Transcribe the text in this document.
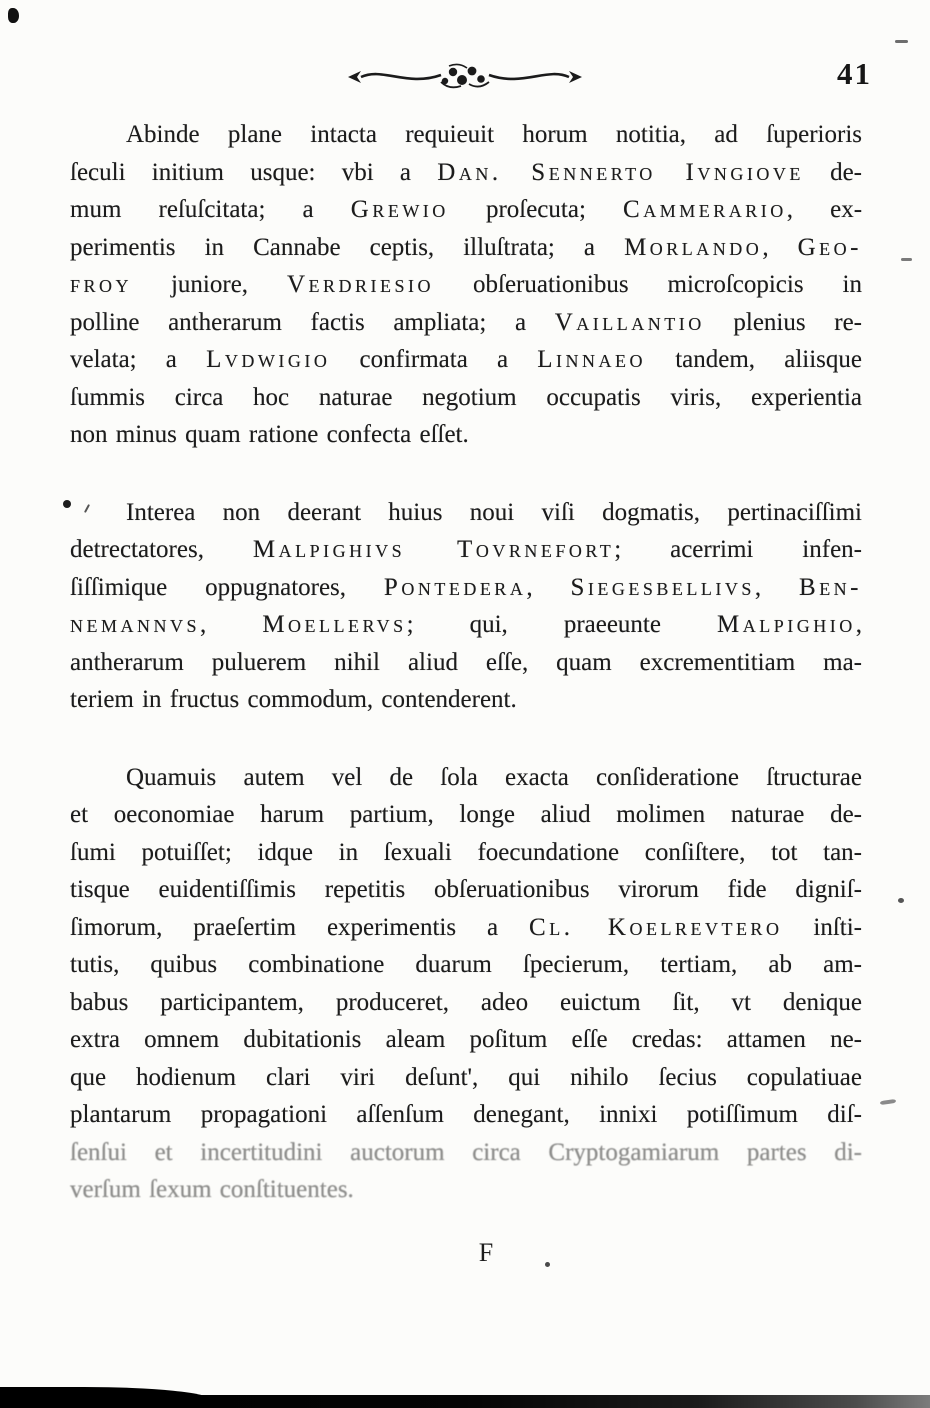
41
Abinde plane intacta requieuit horum notitia, ad ſuperioris
ſeculi initium usque: vbi a Dan. Sennerto Ivngiove de-
mum reſuſcitata; a Grewio proſecuta; Cammerario, ex-
perimentis in Cannabe ceptis, illuſtrata; a Morlando, Geo-
froy juniore, Verdriesio obſeruationibus microſcopicis in
polline antherarum factis ampliata; a Vaillantio plenius re-
velata; a Lvdwigio confirmata a Linnaeo tandem, aliisque
ſummis circa hoc naturae negotium occupatis viris, experientia
non minus quam ratione confecta eſſet.
Interea non deerant huius noui viſi dogmatis, pertinaciſſimi
detrectatores, Malpighivs Tovrnefort; acerrimi infen-
ſiſſimique oppugnatores, Pontedera, Siegesbellivs, Ben-
nemannvs, Moellervs; qui, praeeunte Malpighio,
antherarum puluerem nihil aliud eſſe, quam excrementitiam ma-
teriem in fructus commodum, contenderent.
Quamuis autem vel de ſola exacta conſideratione ſtructurae
et oeconomiae harum partium, longe aliud molimen naturae de-
ſumi potuiſſet; idque in ſexuali foecundatione conſiſtere, tot tan-
tisque euidentiſſimis repetitis obſeruationibus virorum fide digniſ-
ſimorum, praeſertim experimentis a Cl. Koelrevtero inſti-
tutis, quibus combinatione duarum ſpecierum, tertiam, ab am-
babus participantem, produceret, adeo euictum ſit, vt denique
extra omnem dubitationis aleam poſitum eſſe credas: attamen ne-
que hodienum clari viri deſunt', qui nihilo ſecius copulatiuae
plantarum propagationi aſſenſum denegant, innixi potiſſimum diſ-
ſenſui et incertitudini auctorum circa Cryptogamiarum partes di-
verſum ſexum conſtituentes.
F
